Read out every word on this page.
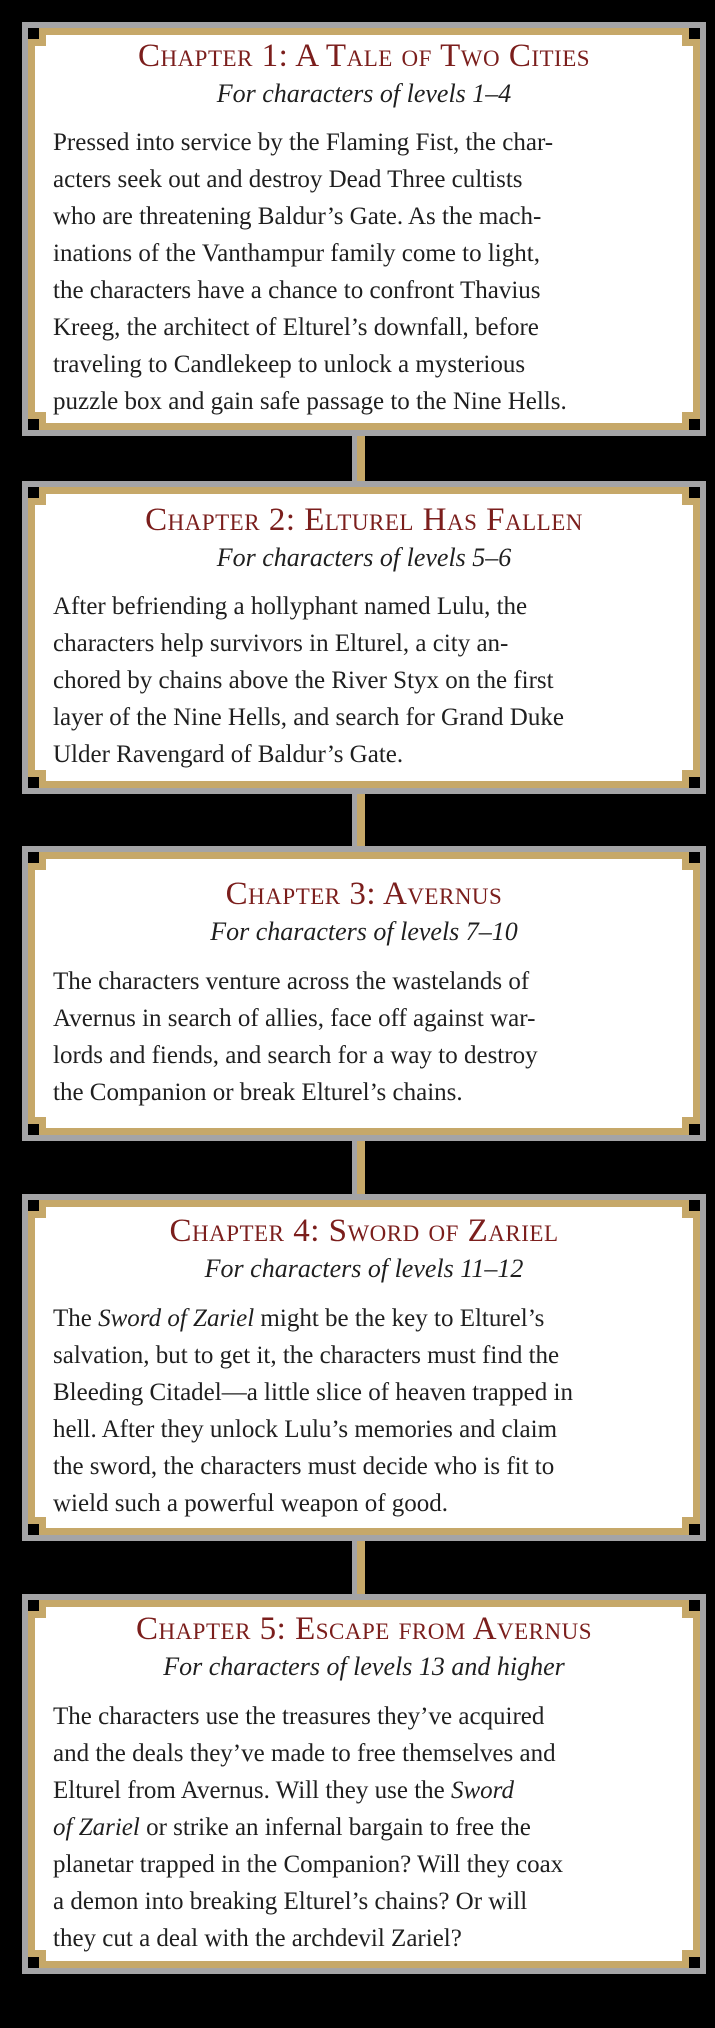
Chapter 1: A Tale of Two Cities
For characters of levels 1–4
Pressed into service by the Flaming Fist, the char-
acters seek out and destroy Dead Three cultists
who are threatening Baldur’s Gate. As the mach-
inations of the Vanthampur family come to light,
the characters have a chance to confront Thavius
Kreeg, the architect of Elturel’s downfall, before
traveling to Candlekeep to unlock a mysterious
puzzle box and gain safe passage to the Nine Hells.
Chapter 2: Elturel Has Fallen
For characters of levels 5–6
After befriending a hollyphant named Lulu, the
characters help survivors in Elturel, a city an-
chored by chains above the River Styx on the first
layer of the Nine Hells, and search for Grand Duke
Ulder Ravengard of Baldur’s Gate.
Chapter 3: Avernus
For characters of levels 7–10
The characters venture across the wastelands of
Avernus in search of allies, face off against war-
lords and fiends, and search for a way to destroy
the Companion or break Elturel’s chains.
Chapter 4: Sword of Zariel
For characters of levels 11–12
The Sword of Zariel might be the key to Elturel’s
salvation, but to get it, the characters must find the
Bleeding Citadel—a little slice of heaven trapped in
hell. After they unlock Lulu’s memories and claim
the sword, the characters must decide who is fit to
wield such a powerful weapon of good.
Chapter 5: Escape from Avernus
For characters of levels 13 and higher
The characters use the treasures they’ve acquired
and the deals they’ve made to free themselves and
Elturel from Avernus. Will they use the Sword
of Zariel or strike an infernal bargain to free the
planetar trapped in the Companion? Will they coax
a demon into breaking Elturel’s chains? Or will
they cut a deal with the archdevil Zariel?
